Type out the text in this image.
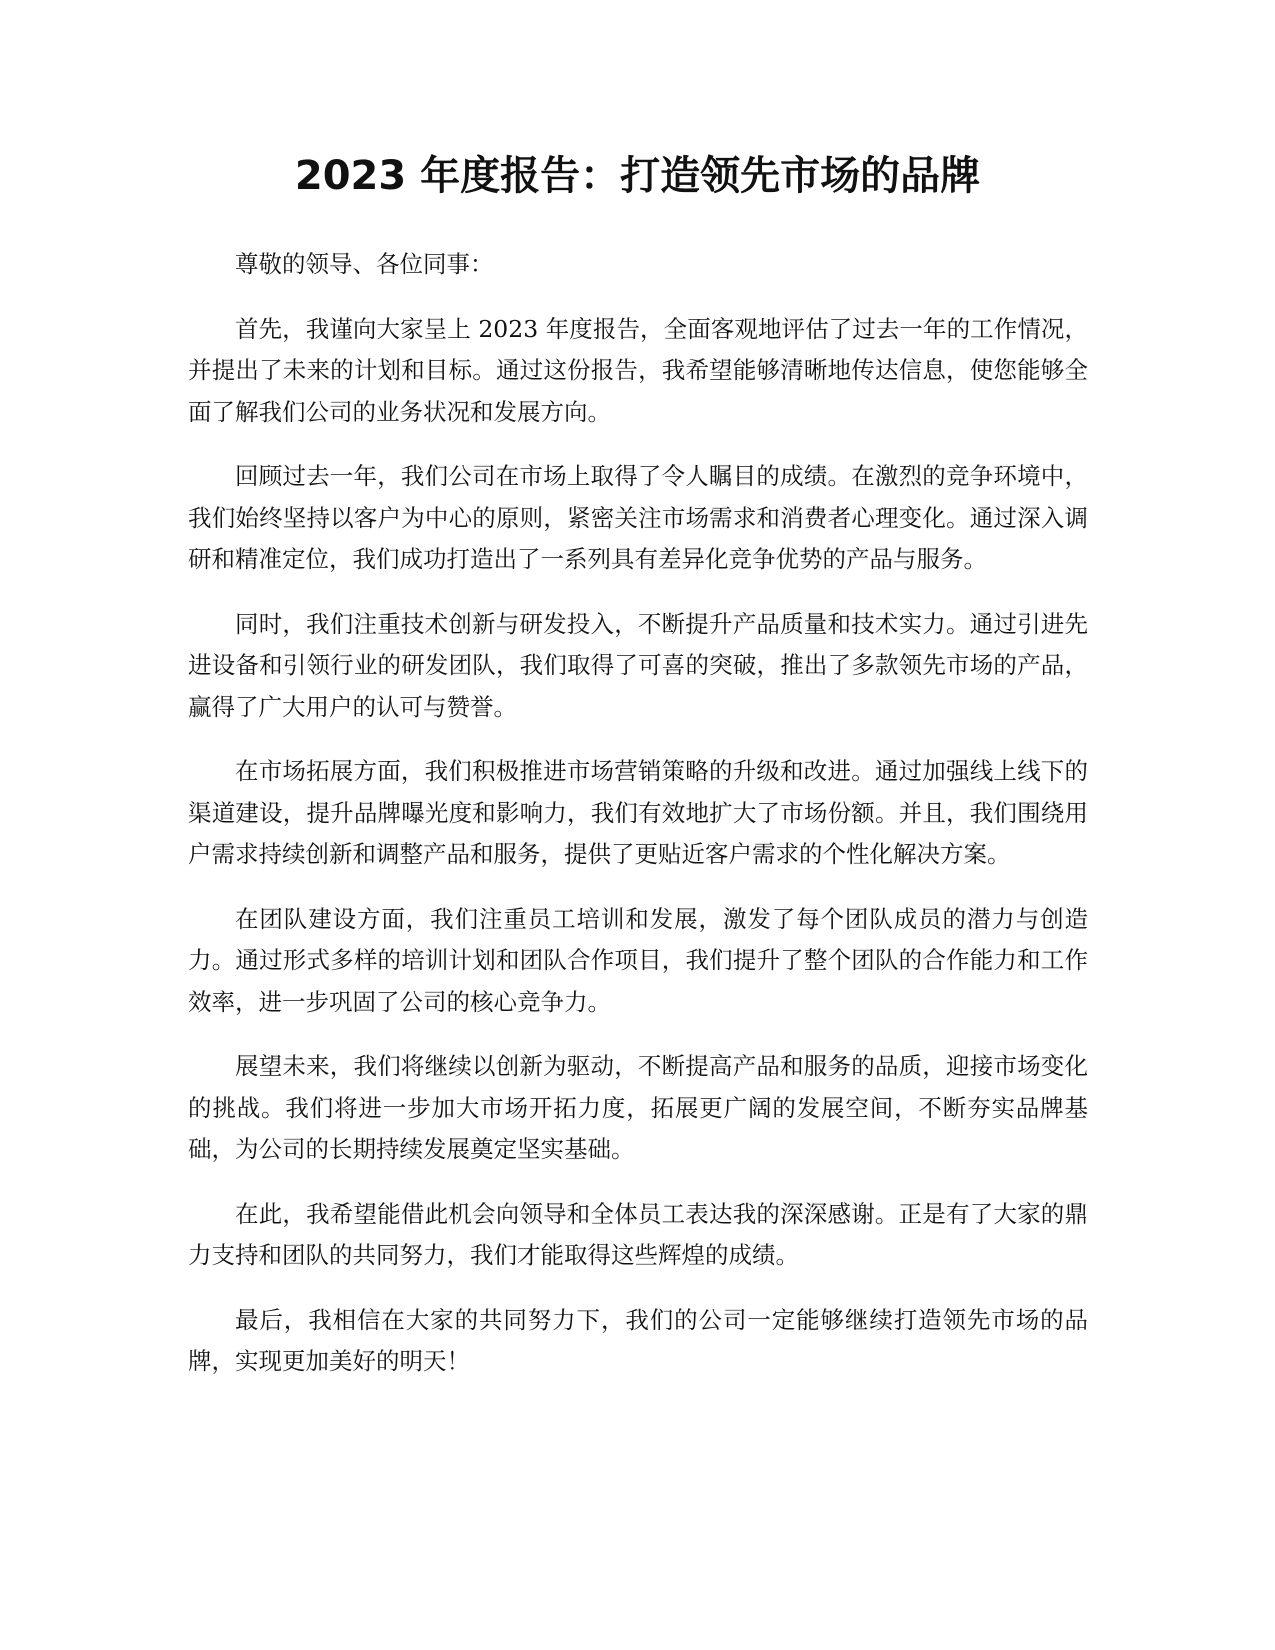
2023 年度报告：打造领先市场的品牌

尊敬的领导、各位同事：

首先，我谨向大家呈上 2023 年度报告，全面客观地评估了过去一年的工作情况，并提出了未来的计划和目标。通过这份报告，我希望能够清晰地传达信息，使您能够全面了解我们公司的业务状况和发展方向。

回顾过去一年，我们公司在市场上取得了令人瞩目的成绩。在激烈的竞争环境中，我们始终坚持以客户为中心的原则，紧密关注市场需求和消费者心理变化。通过深入调研和精准定位，我们成功打造出了一系列具有差异化竞争优势的产品与服务。

同时，我们注重技术创新与研发投入，不断提升产品质量和技术实力。通过引进先进设备和引领行业的研发团队，我们取得了可喜的突破，推出了多款领先市场的产品，赢得了广大用户的认可与赞誉。

在市场拓展方面，我们积极推进市场营销策略的升级和改进。通过加强线上线下的渠道建设，提升品牌曝光度和影响力，我们有效地扩大了市场份额。并且，我们围绕用户需求持续创新和调整产品和服务，提供了更贴近客户需求的个性化解决方案。

在团队建设方面，我们注重员工培训和发展，激发了每个团队成员的潜力与创造力。通过形式多样的培训计划和团队合作项目，我们提升了整个团队的合作能力和工作效率，进一步巩固了公司的核心竞争力。

展望未来，我们将继续以创新为驱动，不断提高产品和服务的品质，迎接市场变化的挑战。我们将进一步加大市场开拓力度，拓展更广阔的发展空间，不断夯实品牌基础，为公司的长期持续发展奠定坚实基础。

在此，我希望能借此机会向领导和全体员工表达我的深深感谢。正是有了大家的鼎力支持和团队的共同努力，我们才能取得这些辉煌的成绩。

最后，我相信在大家的共同努力下，我们的公司一定能够继续打造领先市场的品牌，实现更加美好的明天！
